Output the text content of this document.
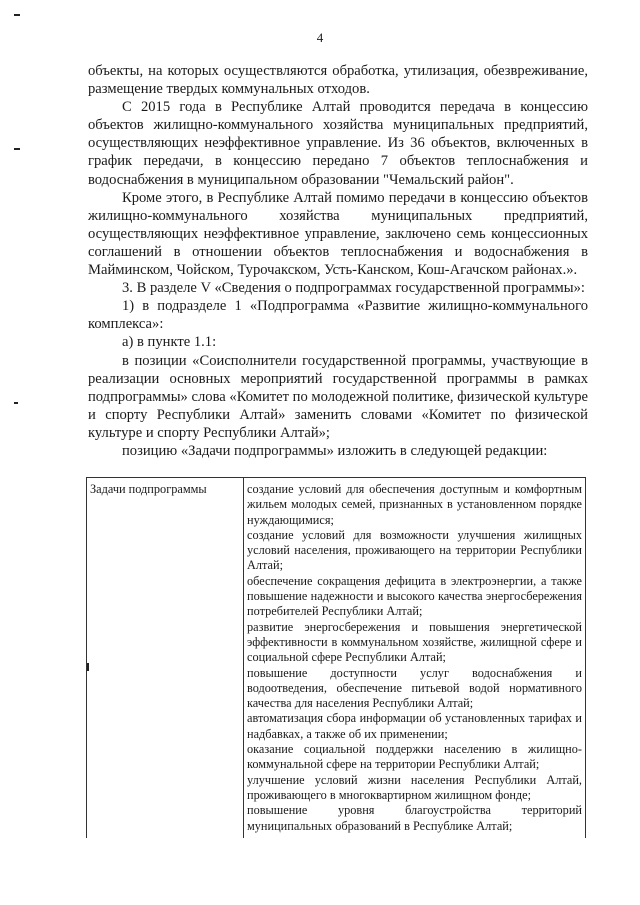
4

объекты, на которых осуществляются обработка, утилизация, обезвреживание, размещение твердых коммунальных отходов.

С 2015 года в Республике Алтай проводится передача в концессию объектов жилищно-коммунального хозяйства муниципальных предприятий, осуществляющих неэффективное управление. Из 36 объектов, включенных в график передачи, в концессию передано 7 объектов теплоснабжения и водоснабжения в муниципальном образовании "Чемальский район".

Кроме этого, в Республике Алтай помимо передачи в концессию объектов жилищно-коммунального хозяйства муниципальных предприятий, осуществляющих неэффективное управление, заключено семь концессионных соглашений в отношении объектов теплоснабжения и водоснабжения в Майминском, Чойском, Турочакском, Усть-Канском, Кош-Агачском районах.».

3. В разделе V «Сведения о подпрограммах государственной программы»:

1) в подразделе 1 «Подпрограмма «Развитие жилищно-коммунального комплекса»:

а) в пункте 1.1:

в позиции «Соисполнители государственной программы, участвующие в реализации основных мероприятий государственной программы в рамках подпрограммы» слова «Комитет по молодежной политике, физической культуре и спорту Республики Алтай» заменить словами «Комитет по физической культуре и спорту Республики Алтай»;

позицию «Задачи подпрограммы» изложить в следующей редакции:

Задачи подпрограммы	создание условий для обеспечения доступным и комфортным жильем молодых семей, признанных в установленном порядке нуждающимися;

создание условий для возможности улучшения жилищных условий населения, проживающего на территории Республики Алтай;

обеспечение сокращения дефицита в электроэнергии, а также повышение надежности и высокого качества энергосбережения потребителей Республики Алтай;

развитие энергосбережения и повышения энергетической эффективности в коммунальном хозяйстве, жилищной сфере и социальной сфере Республики Алтай;

повышение доступности услуг водоснабжения и водоотведения, обеспечение питьевой водой нормативного качества для населения Республики Алтай;

автоматизация сбора информации об установленных тарифах и надбавках, а также об их применении;

оказание социальной поддержки населению в жилищно-коммунальной сфере на территории Республики Алтай;

улучшение условий жизни населения Республики Алтай, проживающего в многоквартирном жилищном фонде;

повышение уровня благоустройства территорий муниципальных образований в Республике Алтай;
